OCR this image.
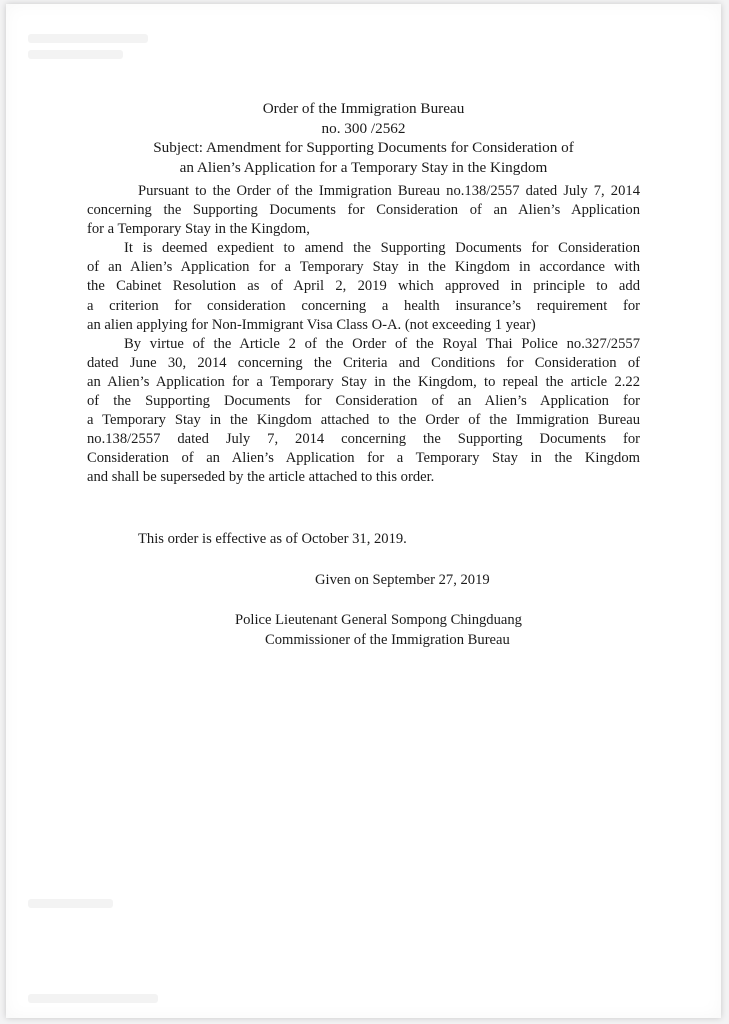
Order of the Immigration Bureau
no. 300 /2562
Subject: Amendment for Supporting Documents for Consideration of
an Alien’s Application for a Temporary Stay in the Kingdom
Pursuant to the Order of the Immigration Bureau no.138/2557 dated July 7, 2014
concerning the Supporting Documents for Consideration of an Alien’s Application
for a Temporary Stay in the Kingdom,
It is deemed expedient to amend the Supporting Documents for Consideration
of an Alien’s Application for a Temporary Stay in the Kingdom in accordance with
the Cabinet Resolution as of April 2, 2019 which approved in principle to add
a criterion for consideration concerning a health insurance’s requirement for
an alien applying for Non-Immigrant Visa Class O-A. (not exceeding 1 year)
By virtue of the Article 2 of the Order of the Royal Thai Police no.327/2557
dated June 30, 2014 concerning the Criteria and Conditions for Consideration of
an Alien’s Application for a Temporary Stay in the Kingdom, to repeal the article 2.22
of the Supporting Documents for Consideration of an Alien’s Application for
a Temporary Stay in the Kingdom attached to the Order of the Immigration Bureau
no.138/2557 dated July 7, 2014 concerning the Supporting Documents for
Consideration of an Alien’s Application for a Temporary Stay in the Kingdom
and shall be superseded by the article attached to this order.
This order is effective as of October 31, 2019.
Given on September 27, 2019
Police Lieutenant General Sompong Chingduang
Commissioner of the Immigration Bureau
